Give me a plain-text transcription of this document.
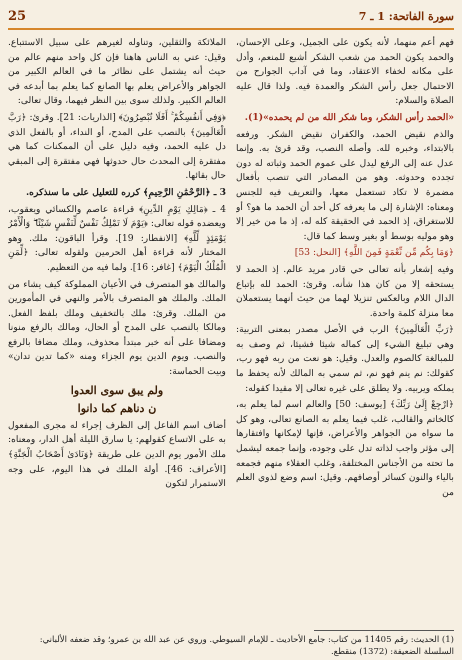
سورة الفاتحة: 1 ـ 7
25

فهم أعم منهما، لأنه يكون على الجميل، وعلى الإحسان، والحمد يكون الحمد من شعب الشكر أشيع للمنعم، وأدل على مكانه لخفاء الاعتقاد، وما في آداب الجوارح من الاحتمال جعل رأس الشكر والعمدة فيه. ولذا قال عليه الصلاة والسلام:

«الحمد رأس الشكر، وما شكر الله من لم يحمده»(1).

والذم نقيض الحمد، والكفران نقيض الشكر. ورفعه بالابتداء، وخبره لله. وأصله النصب، وقد قرئ به. وإنما عدل عنه إلى الرفع ليدل على عموم الحمد وثباته له دون تجدده وحدوثه. وهو من المصادر التي تنصب بأفعال مضمرة لا تكاد تستعمل معها، والتعريف فيه للجنس ومعناه: الإشارة إلى ما يعرفه كل أحد أن الحمد ما هو؟ أو للاستغراق، إذ الحمد في الحقيقة كله له، إذ ما من خير إلا وهو موليه بوسط أو بغير وسط كما قال:

﴿وَمَا بِكُم مِّن نِّعْمَةٍ فَمِنَ اللَّهِ﴾ [النحل: 53]

وفيه إشعار بأنه تعالى حي قادر مريد عالم. إذ الحمد لا يستحقه إلا من كان هذا شأنه. وقرئ: الحمد لله بإتباع الدال اللام وبالعكس تنزيلا لهما من حيث أنهما يستعملان معا منزلة كلمة واحدة.

﴿رَبِّ الْعَالَمِينَ﴾ الرب في الأصل مصدر بمعنى التربية: وهي تبليغ الشيء إلى كماله شيئا فشيئا، ثم وصف به للمبالغة كالصوم والعدل. وقيل: هو نعت من ربه فهو رب، كقولك: نم ينم فهو نم، ثم سمي به المالك لأنه يحفظ ما يملكه ويربيه. ولا يطلق على غيره تعالى إلا مقيدا كقوله:

﴿ارْجِعْ إِلَىٰ رَبِّكَ﴾ [يوسف: 50] والعالم اسم لما يعلم به، كالخاتم والقالب، غلب فيما يعلم به الصانع تعالى، وهو كل ما سواه من الجواهر والأعراض، فإنها لإمكانها وافتقارها إلى مؤثر واجب لذاته تدل على وجوده، وإنما جمعه ليشمل ما تحته من الأجناس المختلفة، وغلب العقلاء منهم فجمعه بالياء والنون كسائر أوصافهم. وقيل: اسم وضع لذوي العلم من

الملائكة والثقلين، وتناوله لغيرهم على سبيل الاستتباع. وقيل: عني به الناس هاهنا فإن كل واحد منهم عالم من حيث أنه يشتمل على نظائر ما في العالم الكبير من الجواهر والأعراض يعلم بها الصانع كما يعلم بما أبدعه في العالم الكبير. ولذلك سوى بين النظر فيهما، وقال تعالى:

﴿وَفِي أَنفُسِكُمْ ۚ أَفَلَا تُبْصِرُونَ﴾ [الذاريات: 21]. وقرئ: ﴿رَبَّ الْعَالَمِينَ﴾ بالنصب على المدح، أو النداء، أو بالفعل الذي دل عليه الحمد، وفيه دليل على أن الممكنات كما هي مفتقرة إلى المحدث حال حدوثها فهي مفتقرة إلى المبقي حال بقائها.

3 ـ ﴿الرَّحْمَٰنِ الرَّحِيمِ﴾ كرره للتعليل على ما سنذكره.

4 ـ ﴿مَالِكِ يَوْمِ الدِّينِ﴾ قراءة عاصم والكسائي ويعقوب، ويعضده قوله تعالى: ﴿يَوْمَ لَا تَمْلِكُ نَفْسٌ لِّنَفْسٍ شَيْئًا ۖ وَالْأَمْرُ يَوْمَئِذٍ لِّلَّهِ﴾ [الانفطار: 19]. وقرأ الباقون: ملك. وهو المختار لأنه قراءة أهل الحرمين ولقوله تعالى: ﴿لِّمَنِ الْمُلْكُ الْيَوْمَ﴾ [غافر: 16]. ولما فيه من التعظيم.

والمالك هو المتصرف في الأعيان المملوكة كيف يشاء من الملك. والملك هو المتصرف بالأمر والنهي في المأمورين من الملك. وقرئ: ملك بالتخفيف وملك بلفظ الفعل. ومالكا بالنصب على المدح أو الحال، ومالك بالرفع منونا ومضافا على أنه خبر مبتدأ محذوف، وملك مضافا بالرفع والنصب. ويوم الدين يوم الجزاء ومنه «كما تدين تدان» وبيت الحماسة:

ولم يبق سوى العدوا
ن دناهم كما دانوا

أضاف اسم الفاعل إلى الظرف إجراء له مجرى المفعول به على الاتساع كقولهم: يا سارق الليلة أهل الدار، ومعناه: ملك الأمور يوم الدين على طريقة ﴿وَنَادَىٰ أَصْحَابُ الْجَنَّةِ﴾ [الأعراف: 46]. أولة الملك في هذا اليوم، على وجه الاستمرار لتكون

(1) الحديث: رقم 11405 من كتاب: جامع الأحاديث ـ للإمام السيوطي. وروي عن عبد الله بن عمرو؛ وقد ضعفه الألباني: السلسلة الضعيفة: (1372) منقطع.
